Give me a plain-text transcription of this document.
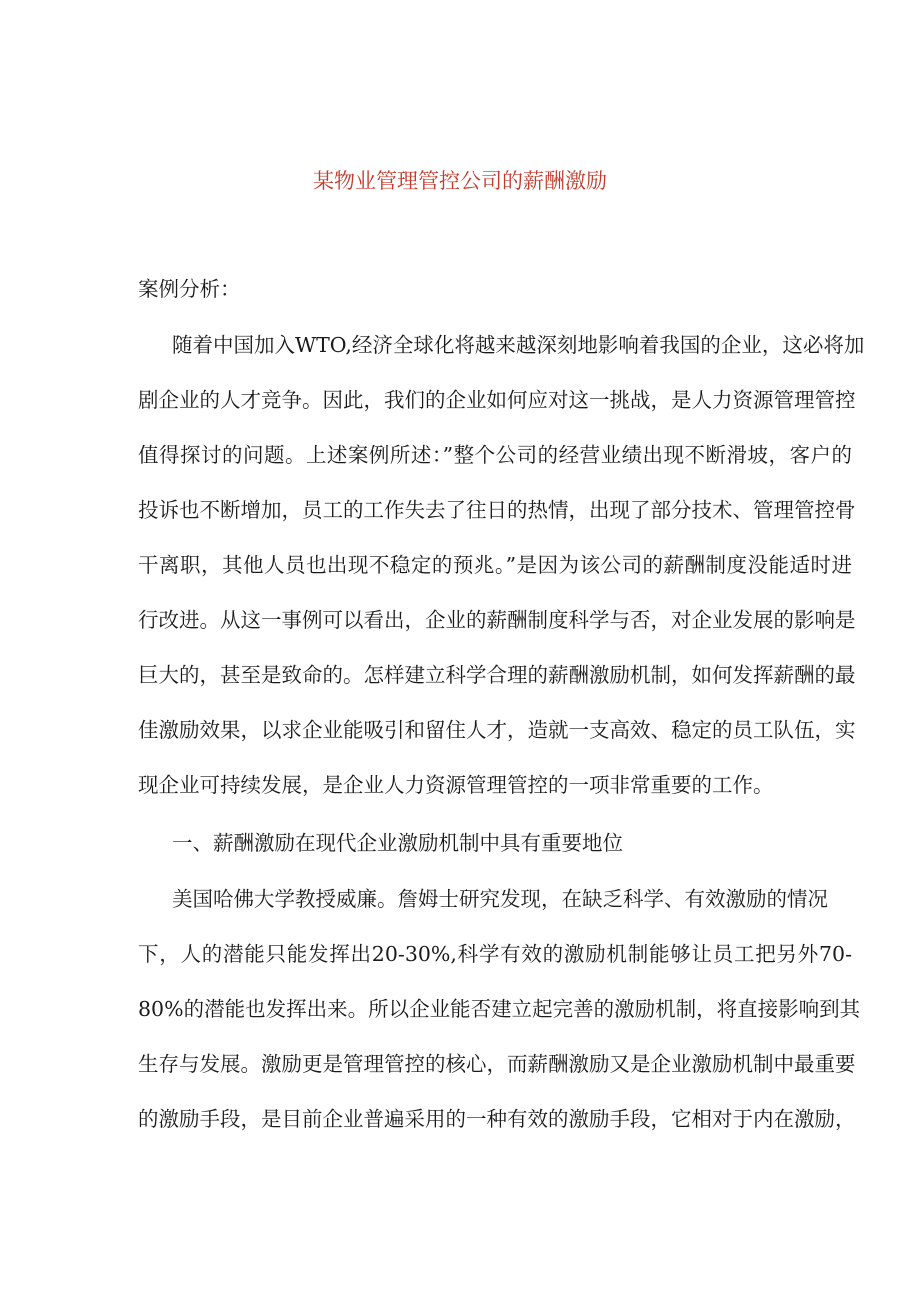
某物业管理管控公司的薪酬激励
案例分析：
随着中国加入WTO,经济全球化将越来越深刻地影响着我国的企业，这必将加
剧企业的人才竞争。因此，我们的企业如何应对这一挑战，是人力资源管理管控
值得探讨的问题。上述案例所述：”整个公司的经营业绩出现不断滑坡，客户的
投诉也不断增加，员工的工作失去了往日的热情，出现了部分技术、管理管控骨
干离职，其他人员也出现不稳定的预兆。”是因为该公司的薪酬制度没能适时进
行改进。从这一事例可以看出，企业的薪酬制度科学与否，对企业发展的影响是
巨大的，甚至是致命的。怎样建立科学合理的薪酬激励机制，如何发挥薪酬的最
佳激励效果，以求企业能吸引和留住人才，造就一支高效、稳定的员工队伍，实
现企业可持续发展，是企业人力资源管理管控的一项非常重要的工作。
一、薪酬激励在现代企业激励机制中具有重要地位
美国哈佛大学教授威廉。詹姆士研究发现，在缺乏科学、有效激励的情况
下，人的潜能只能发挥出20-30%,科学有效的激励机制能够让员工把另外70-
80%的潜能也发挥出来。所以企业能否建立起完善的激励机制，将直接影响到其
生存与发展。激励更是管理管控的核心，而薪酬激励又是企业激励机制中最重要
的激励手段，是目前企业普遍采用的一种有效的激励手段，它相对于内在激励，
